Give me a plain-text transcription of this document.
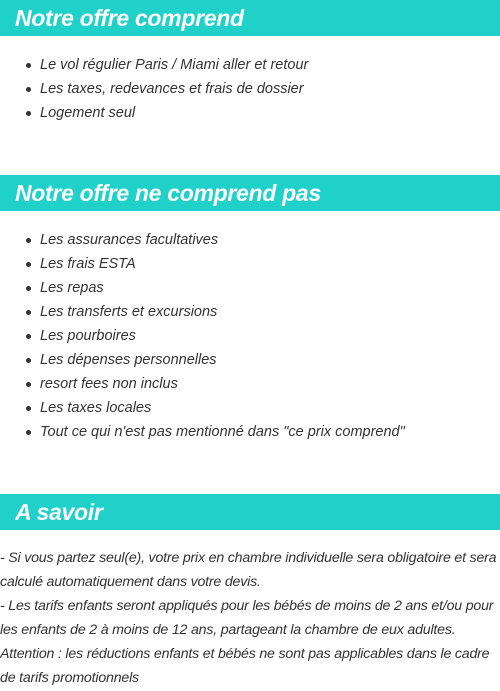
Notre offre comprend
Le vol régulier Paris / Miami aller et retour
Les taxes, redevances et frais de dossier
Logement seul
Notre offre ne comprend pas
Les assurances facultatives
Les frais ESTA
Les repas
Les transferts et excursions
Les pourboires
Les dépenses personnelles
resort fees non inclus
Les taxes locales
Tout ce qui n'est pas mentionné dans "ce prix comprend"
A savoir

- Si vous partez seul(e), votre prix en chambre individuelle sera obligatoire et sera calculé automatiquement dans votre devis.

- Les tarifs enfants seront appliqués pour les bébés de moins de 2 ans et/ou pour les enfants de 2 à moins de 12 ans, partageant la chambre de eux adultes.

Attention : les réductions enfants et bébés ne sont pas applicables dans le cadre de tarifs promotionnels
